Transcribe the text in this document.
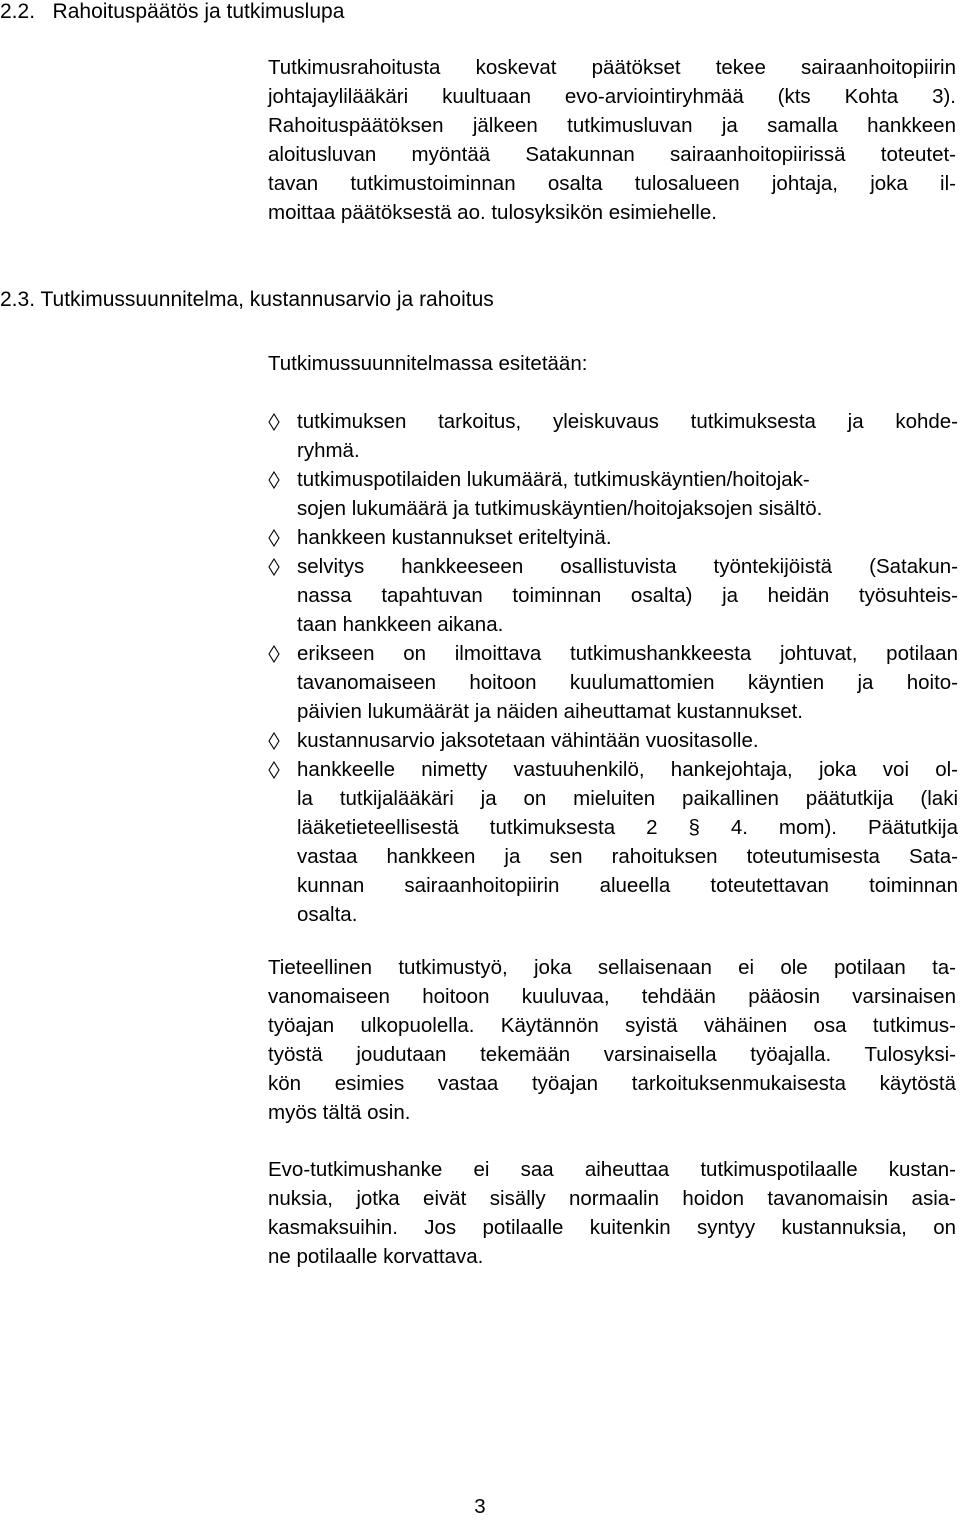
2.2. Rahoituspäätös ja tutkimuslupa
Tutkimusrahoitusta koskevat päätökset tekee sairaanhoitopiirin
johtajaylilääkäri kuultuaan evo-arviointiryhmää (kts Kohta 3).
Rahoituspäätöksen jälkeen tutkimusluvan ja samalla hankkeen
aloitusluvan myöntää Satakunnan sairaanhoitopiirissä toteutet-
tavan tutkimustoiminnan osalta tulosalueen johtaja, joka il-
moittaa päätöksestä ao. tulosyksikön esimiehelle.
2.3. Tutkimussuunnitelma, kustannusarvio ja rahoitus
Tutkimussuunnitelmassa esitetään:
tutkimuksen tarkoitus, yleiskuvaus tutkimuksesta ja kohde-
ryhmä.
tutkimuspotilaiden lukumäärä, tutkimuskäyntien/hoitojak-
sojen lukumäärä ja tutkimuskäyntien/hoitojaksojen sisältö.
hankkeen kustannukset eriteltyinä.
selvitys hankkeeseen osallistuvista työntekijöistä (Satakun-
nassa tapahtuvan toiminnan osalta) ja heidän työsuhteis-
taan hankkeen aikana.
erikseen on ilmoittava tutkimushankkeesta johtuvat, potilaan
tavanomaiseen hoitoon kuulumattomien käyntien ja hoito-
päivien lukumäärät ja näiden aiheuttamat kustannukset.
kustannusarvio jaksotetaan vähintään vuositasolle.
hankkeelle nimetty vastuuhenkilö, hankejohtaja, joka voi ol-
la tutkijalääkäri ja on mieluiten paikallinen päätutkija (laki
lääketieteellisestä tutkimuksesta 2 § 4. mom). Päätutkija
vastaa hankkeen ja sen rahoituksen toteutumisesta Sata-
kunnan sairaanhoitopiirin alueella toteutettavan toiminnan
osalta.
Tieteellinen tutkimustyö, joka sellaisenaan ei ole potilaan ta-
vanomaiseen hoitoon kuuluvaa, tehdään pääosin varsinaisen
työajan ulkopuolella. Käytännön syistä vähäinen osa tutkimus-
työstä joudutaan tekemään varsinaisella työajalla. Tulosyksi-
kön esimies vastaa työajan tarkoituksenmukaisesta käytöstä
myös tältä osin.
Evo-tutkimushanke ei saa aiheuttaa tutkimuspotilaalle kustan-
nuksia, jotka eivät sisälly normaalin hoidon tavanomaisin asia-
kasmaksuihin. Jos potilaalle kuitenkin syntyy kustannuksia, on
ne potilaalle korvattava.
3
